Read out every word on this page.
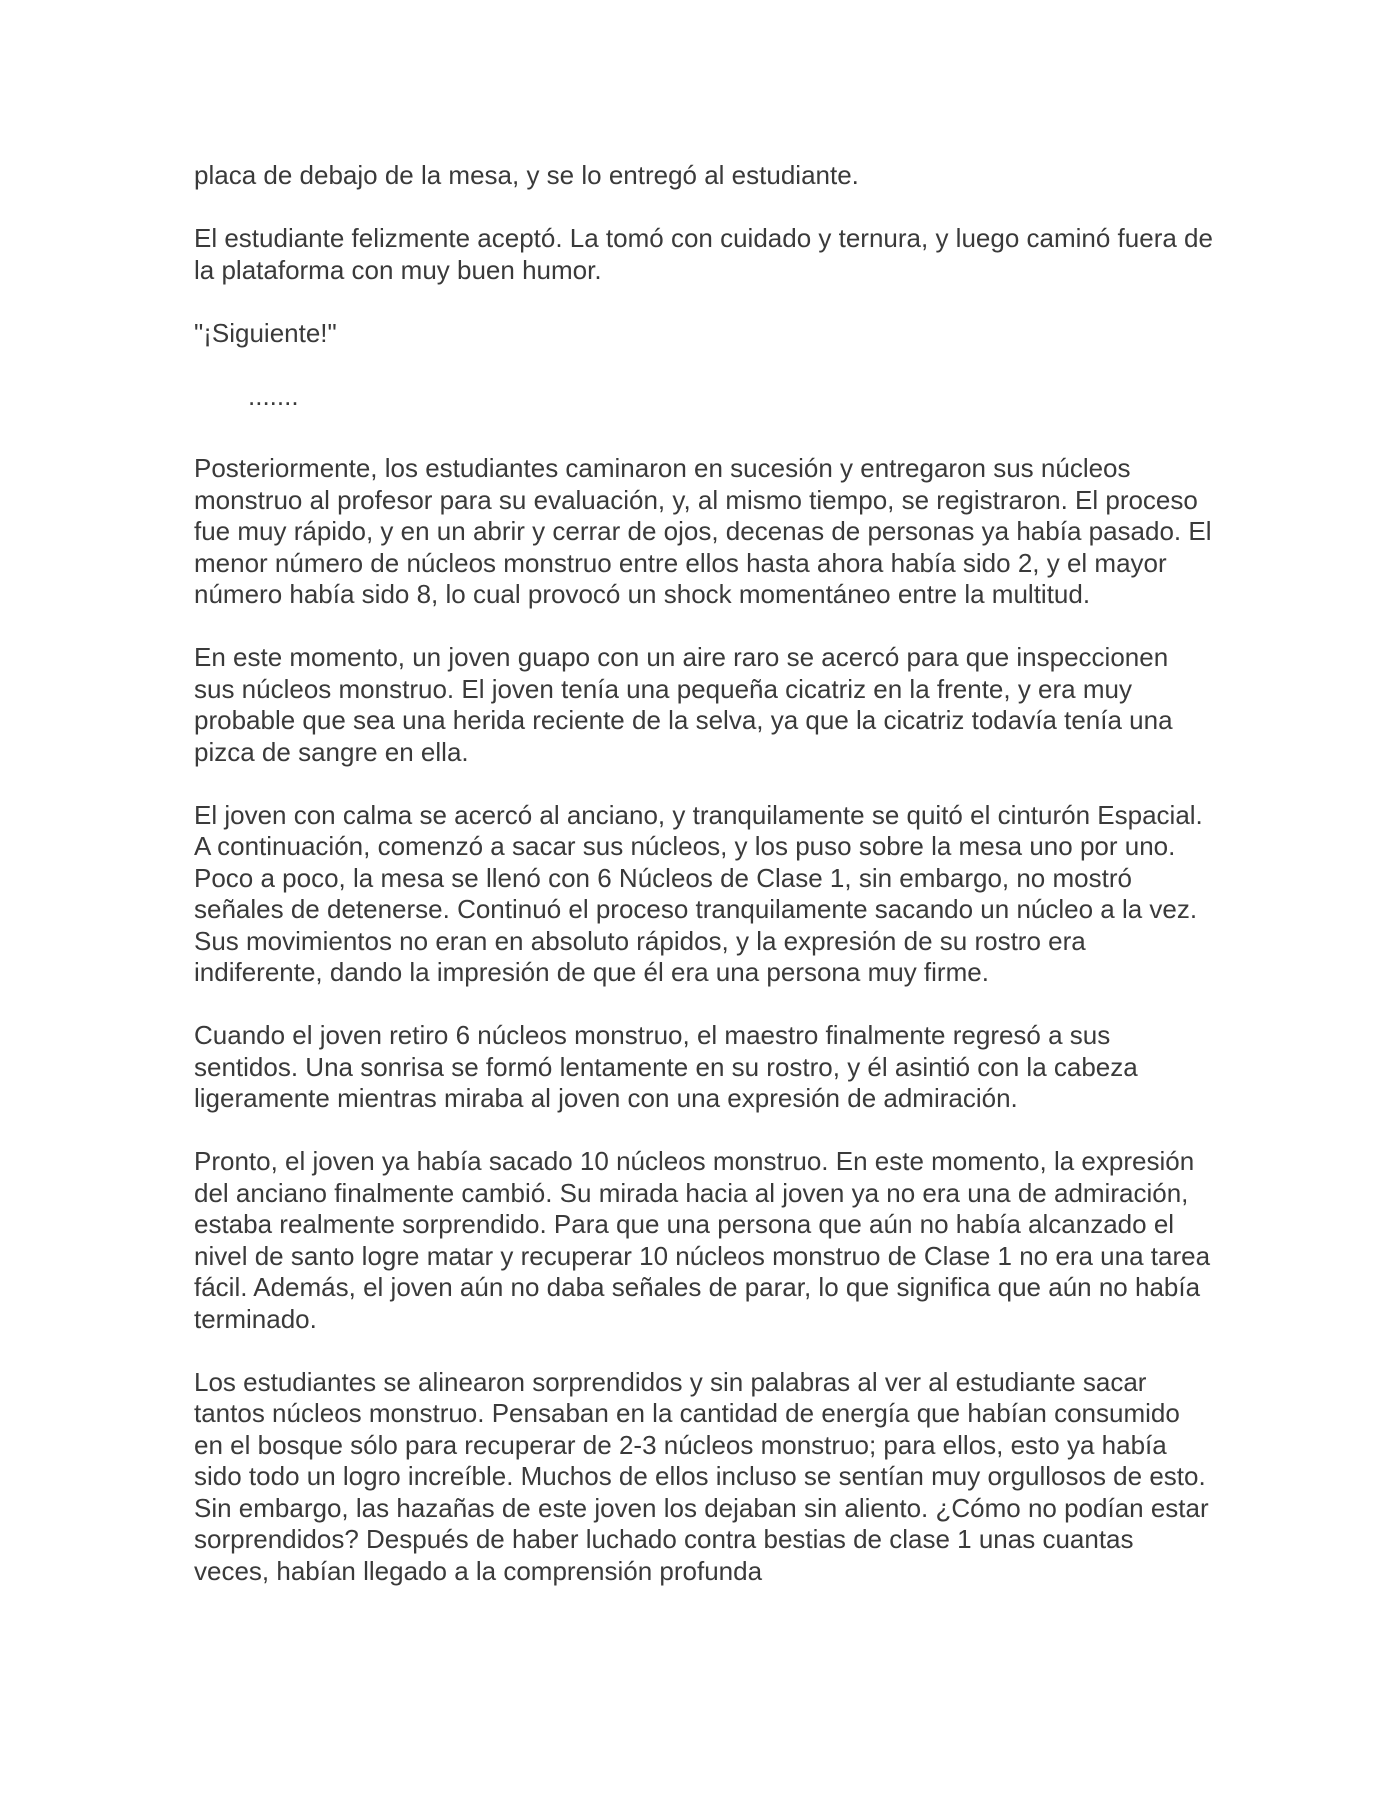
placa de debajo de la mesa, y se lo entregó al estudiante.

El estudiante felizmente aceptó. La tomó con cuidado y ternura, y luego caminó fuera de la plataforma con muy buen humor.

"¡Siguiente!"

.......

Posteriormente, los estudiantes caminaron en sucesión y entregaron sus núcleos monstruo al profesor para su evaluación, y, al mismo tiempo, se registraron. El proceso fue muy rápido, y en un abrir y cerrar de ojos, decenas de personas ya había pasado. El menor número de núcleos monstruo entre ellos hasta ahora había sido 2, y el mayor número había sido 8, lo cual provocó un shock momentáneo entre la multitud.

En este momento, un joven guapo con un aire raro se acercó para que inspeccionen sus núcleos monstruo. El joven tenía una pequeña cicatriz en la frente, y era muy probable que sea una herida reciente de la selva, ya que la cicatriz todavía tenía una pizca de sangre en ella.

El joven con calma se acercó al anciano, y tranquilamente se quitó el cinturón Espacial. A continuación, comenzó a sacar sus núcleos, y los puso sobre la mesa uno por uno. Poco a poco, la mesa se llenó con 6 Núcleos de Clase 1, sin embargo, no mostró señales de detenerse. Continuó el proceso tranquilamente sacando un núcleo a la vez. Sus movimientos no eran en absoluto rápidos, y la expresión de su rostro era indiferente, dando la impresión de que él era una persona muy firme.

Cuando el joven retiro 6 núcleos monstruo, el maestro finalmente regresó a sus sentidos. Una sonrisa se formó lentamente en su rostro, y él asintió con la cabeza ligeramente mientras miraba al joven con una expresión de admiración.

Pronto, el joven ya había sacado 10 núcleos monstruo. En este momento, la expresión del anciano finalmente cambió. Su mirada hacia al joven ya no era una de admiración, estaba realmente sorprendido. Para que una persona que aún no había alcanzado el nivel de santo logre matar y recuperar 10 núcleos monstruo de Clase 1 no era una tarea fácil. Además, el joven aún no daba señales de parar, lo que significa que aún no había terminado.

Los estudiantes se alinearon sorprendidos y sin palabras al ver al estudiante sacar tantos núcleos monstruo. Pensaban en la cantidad de energía que habían consumido en el bosque sólo para recuperar de 2-3 núcleos monstruo; para ellos, esto ya había sido todo un logro increíble. Muchos de ellos incluso se sentían muy orgullosos de esto. Sin embargo, las hazañas de este joven los dejaban sin aliento. ¿Cómo no podían estar sorprendidos? Después de haber luchado contra bestias de clase 1 unas cuantas veces, habían llegado a la comprensión profunda
